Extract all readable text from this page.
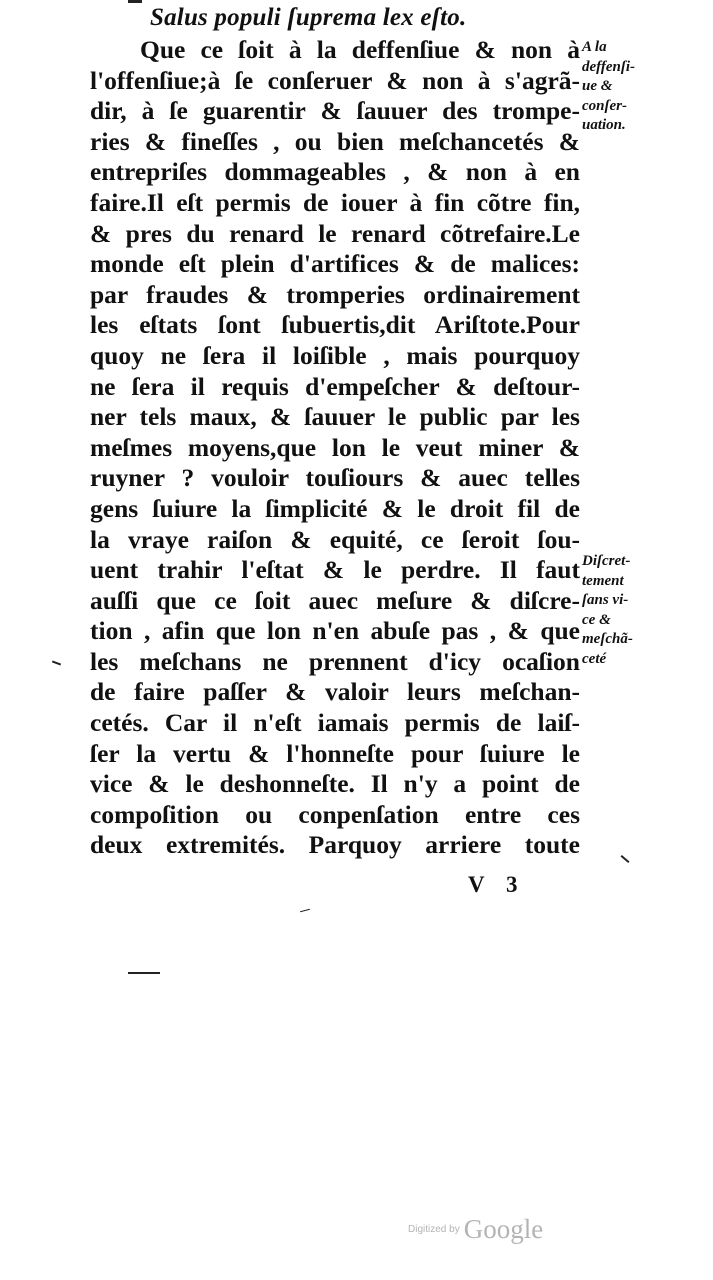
Salus populi ſuprema lex eſto.
Que ce ſoit à la deffenſiue & non à
l'offenſiue;à ſe conſeruer & non à s'agrã-
dir, à ſe guarentir & ſauuer des trompe-
ries & fineſſes , ou bien meſchancetés &
entrepriſes dommageables , & non à en
faire.Il eſt permis de iouer à fin cõtre fin,
& pres du renard le renard cõtrefaire.Le
monde eſt plein d'artifices & de malices:
par fraudes & tromperies ordinairement
les eſtats ſont ſubuertis,dit Ariſtote.Pour
quoy ne ſera il loiſible , mais pourquoy
ne ſera il requis d'empeſcher & deſtour-
ner tels maux, & ſauuer le public par les
meſmes moyens,que lon le veut miner &
ruyner ? vouloir touſiours & auec telles
gens ſuiure la ſimplicité & le droit fil de
la vraye raiſon & equité, ce ſeroit ſou-
uent trahir l'eſtat & le perdre. Il faut
auſſi que ce ſoit auec meſure & diſcre-
tion , afin que lon n'en abuſe pas , & que
les meſchans ne prennent d'icy ocaſion
de faire paſſer & valoir leurs meſchan-
cetés. Car il n'eſt iamais permis de laiſ-
ſer la vertu & l'honneſte pour ſuiure le
vice & le deshonneſte. Il n'y a point de
compoſition ou conpenſation entre ces
deux extremités. Parquoy arriere toute
A la
deffenſi-
ue &
conſer-
uation.
Diſcret-
tement
ſans vi-
ce &
meſchã-
ceté
V 3
Digitized by Google
